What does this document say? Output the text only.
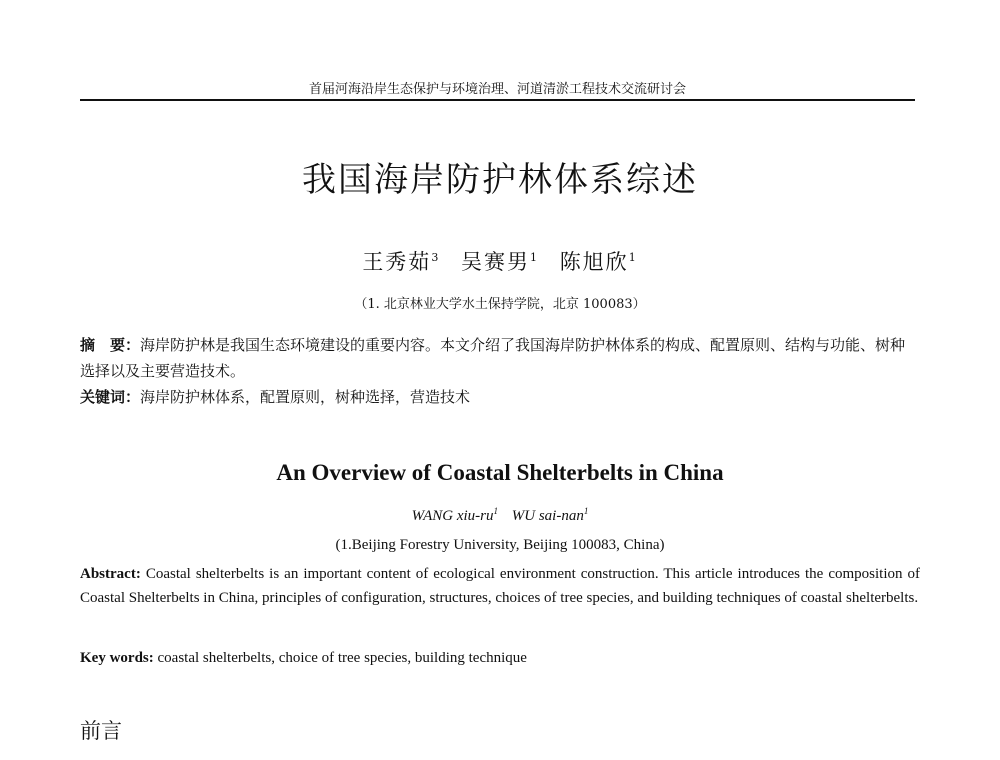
首届河海沿岸生态保护与环境治理、河道清淤工程技术交流研讨会
我国海岸防护林体系综述
王秀茹$^3$ 吴赛男$^1$ 陈旭欣$^1$
（1. 北京林业大学水土保持学院，北京 100083）
摘　要：海岸防护林是我国生态环境建设的重要内容。本文介绍了我国海岸防护林体系的构成、配置原则、结构与功能、树种选择以及主要营造技术。
关键词：海岸防护林体系，配置原则，树种选择，营造技术
An Overview of Coastal Shelterbelts in China
WANG xiu-$ru^1$ WU sai-nan$^1$
(1.Beijing Forestry University, Beijing 100083, China)
Abstract: Coastal shelterbelts is an important content of ecological environment construction. This article introduces the composition of Coastal Shelterbelts in China, principles of configuration, structures, choices of tree species, and building techniques of coastal shelterbelts.
Key words: coastal shelterbelts, choice of tree species, building technique
前言
